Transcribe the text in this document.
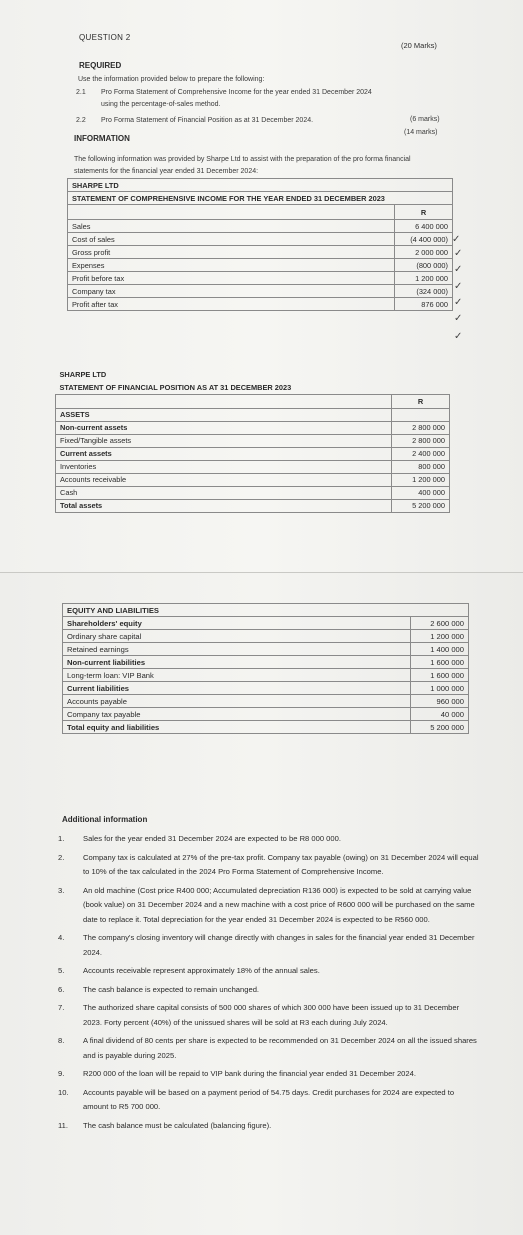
QUESTION 2
(20 Marks)
REQUIRED
Use the information provided below to prepare the following:
2.1 Pro Forma Statement of Comprehensive Income for the year ended 31 December 2024
using the percentage-of-sales method.
(6 marks)
2.2 Pro Forma Statement of Financial Position as at 31 December 2024.
(14 marks)
INFORMATION
The following information was provided by Sharpe Ltd to assist with the preparation of the pro forma financial
statements for the financial year ended 31 December 2024:
SHARPE LTD	
STATEMENT OF COMPREHENSIVE INCOME FOR THE YEAR ENDED 31 DECEMBER 2023	
	R
Sales	6 400 000
Cost of sales	(4 400 000)
Gross profit	2 000 000
Expenses	(800 000)
Profit before tax	1 200 000
Company tax	(324 000)
Profit after tax	876 000
✓
✓
✓
✓
✓
✓
✓
SHARPE LTD	
STATEMENT OF FINANCIAL POSITION AS AT 31 DECEMBER 2023	
	R
ASSETS	
Non-current assets	2 800 000
Fixed/Tangible assets	2 800 000
Current assets	2 400 000
Inventories	800 000
Accounts receivable	1 200 000
Cash	400 000
Total assets	5 200 000
EQUITY AND LIABILITIES	
Shareholders' equity	2 600 000
Ordinary share capital	1 200 000
Retained earnings	1 400 000
Non-current liabilities	1 600 000
Long-term loan: VIP Bank	1 600 000
Current liabilities	1 000 000
Accounts payable	960 000
Company tax payable	40 000
Total equity and liabilities	5 200 000
Additional information
1. Sales for the year ended 31 December 2024 are expected to be R8 000 000.
2. Company tax is calculated at 27% of the pre-tax profit. Company tax payable (owing) on 31 December 2024 will equal to 10% of the tax calculated in the 2024 Pro Forma Statement of Comprehensive Income.
3. An old machine (Cost price R400 000; Accumulated depreciation R136 000) is expected to be sold at carrying value (book value) on 31 December 2024 and a new machine with a cost price of R600 000 will be purchased on the same date to replace it. Total depreciation for the year ended 31 December 2024 is expected to be R560 000.
4. The company's closing inventory will change directly with changes in sales for the financial year ended 31 December 2024.
5. Accounts receivable represent approximately 18% of the annual sales.
6. The cash balance is expected to remain unchanged.
7. The authorized share capital consists of 500 000 shares of which 300 000 have been issued up to 31 December 2023. Forty percent (40%) of the unissued shares will be sold at R3 each during July 2024.
8. A final dividend of 80 cents per share is expected to be recommended on 31 December 2024 on all the issued shares and is payable during 2025.
9. R200 000 of the loan will be repaid to VIP bank during the financial year ended 31 December 2024.
10. Accounts payable will be based on a payment period of 54.75 days. Credit purchases for 2024 are expected to amount to R5 700 000.
11. The cash balance must be calculated (balancing figure).
